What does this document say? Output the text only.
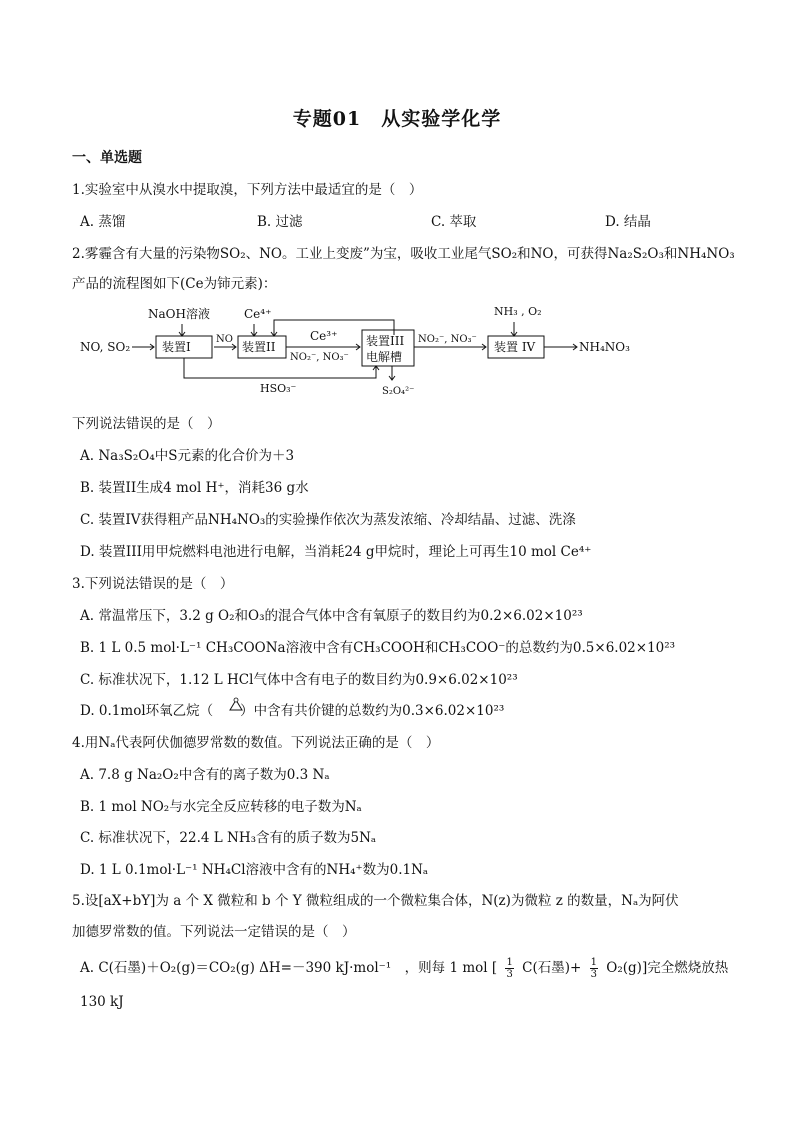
专题01　从实验学化学
一、单选题
1.实验室中从溴水中提取溴，下列方法中最适宜的是（　）
A. 蒸馏	B. 过滤	C. 萃取	D. 结晶
2.雾霾含有大量的污染物SO₂、NO。工业上变废”为宝，吸收工业尾气SO₂和NO，可获得Na₂S₂O₃和NH₄NO₃
产品的流程图如下(Ce为铈元素)：
NO, SO₂
NaOH溶液	Ce⁴⁺
装置I
NO
装置II
Ce³⁺
NO₂⁻, NO₃⁻
装置III
电解槽
NO₂⁻, NO₃⁻
NH₃ , O₂
装置 IV	NH₄NO₃
HSO₃⁻	S₂O₄²⁻
下列说法错误的是（　）
A. Na₃S₂O₄中S元素的化合价为＋3
B. 装置II生成4 mol H⁺，消耗36 g水
C. 装置IV获得粗产品NH₄NO₃的实验操作依次为蒸发浓缩、冷却结晶、过滤、洗涤
D. 装置III用甲烷燃料电池进行电解，当消耗24 g甲烷时，理论上可再生10 mol Ce⁴⁺
3.下列说法错误的是（　）
A. 常温常压下，3.2 g O₂和O₃的混合气体中含有氧原子的数目约为0.2×6.02×10²³
B. 1 L 0.5 mol·L⁻¹ CH₃COONa溶液中含有CH₃COOH和CH₃COO⁻的总数约为0.5×6.02×10²³
C. 标准状况下，1.12 L HCl气体中含有电子的数目约为0.9×6.02×10²³
D. 0.1mol环氧乙烷（　　）中含有共价键的总数约为0.3×6.02×10²³
4.用Nₐ代表阿伏伽德罗常数的数值。下列说法正确的是（　）
A. 7.8 g Na₂O₂中含有的离子数为0.3 Nₐ
B. 1 mol NO₂与水完全反应转移的电子数为Nₐ
C. 标准状况下，22.4 L NH₃含有的质子数为5Nₐ
D. 1 L 0.1mol·L⁻¹ NH₄Cl溶液中含有的NH₄⁺数为0.1Nₐ
5.设[aX+bY]为 a 个 X 微粒和 b 个 Y 微粒组成的一个微粒集合体，N(z)为微粒 z 的数量，Nₐ为阿伏
加德罗常数的值。下列说法一定错误的是（　）
A. C(石墨)＋O₂(g)＝CO₂(g) ΔH=－390 kJ·mol⁻¹　，则每 1 mol [ $\frac{1}{3} C$(石墨)+ $\frac{1}{3} O_2(g)$]完全燃烧放热
130 kJ
